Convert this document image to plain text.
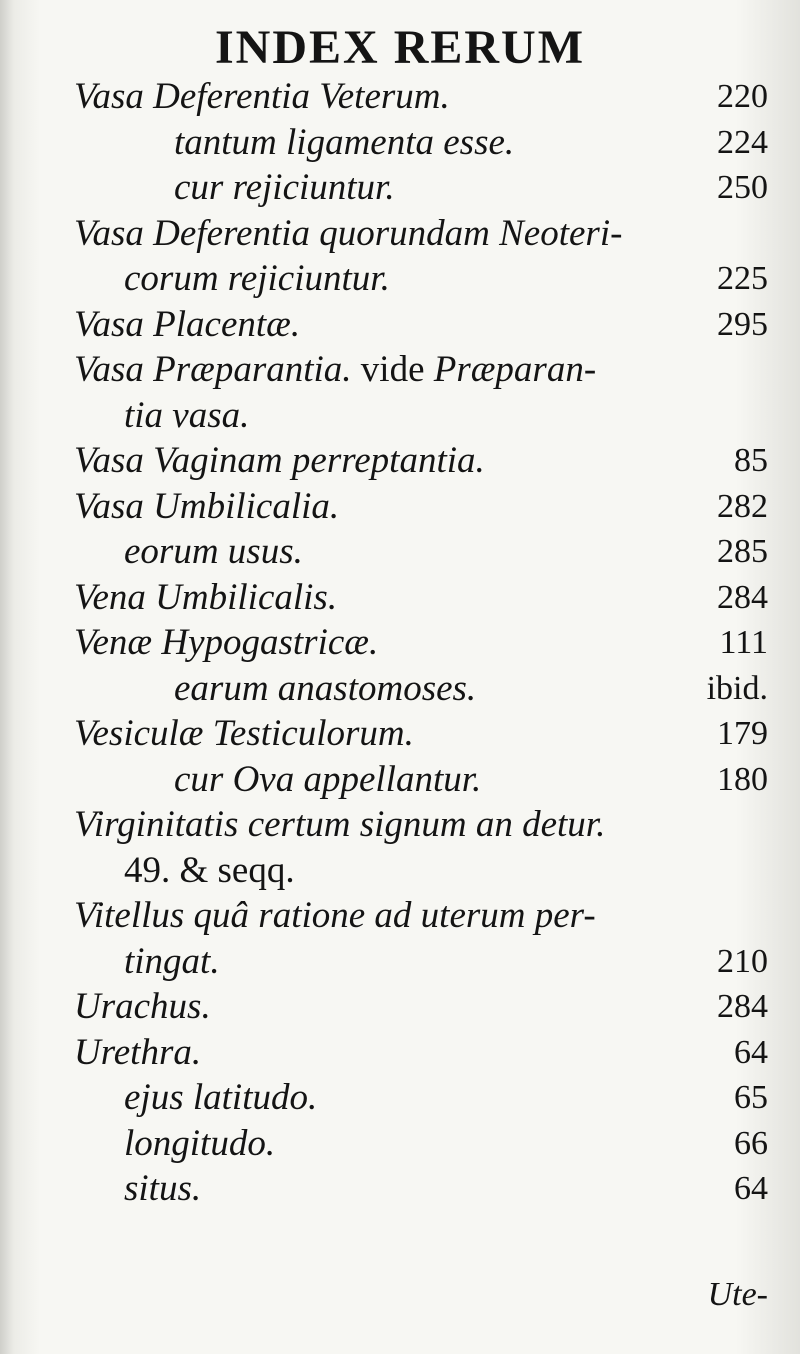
INDEX RERUM
Vasa Deferentia Veterum.	220
tantum ligamenta esse.	224
cur rejiciuntur.	250
Vasa Deferentia quorundam Neoteri-
corum rejiciuntur.	225
Vasa Placentæ.	295
Vasa Præparantia. vide Præparan-
tia vasa.
Vasa Vaginam perreptantia.	85
Vasa Umbilicalia.	282
eorum usus.	285
Vena Umbilicalis.	284
Venæ Hypogastricæ.	111
earum anastomoses.	ibid.
Vesiculæ Testiculorum.	179
cur Ova appellantur.	180
Virginitatis certum signum an detur.
49. & seqq.
Vitellus quâ ratione ad uterum per-
tingat.	210
Urachus.	284
Urethra.	64
ejus latitudo.	65
longitudo.	66
situs.	64
Ute-
